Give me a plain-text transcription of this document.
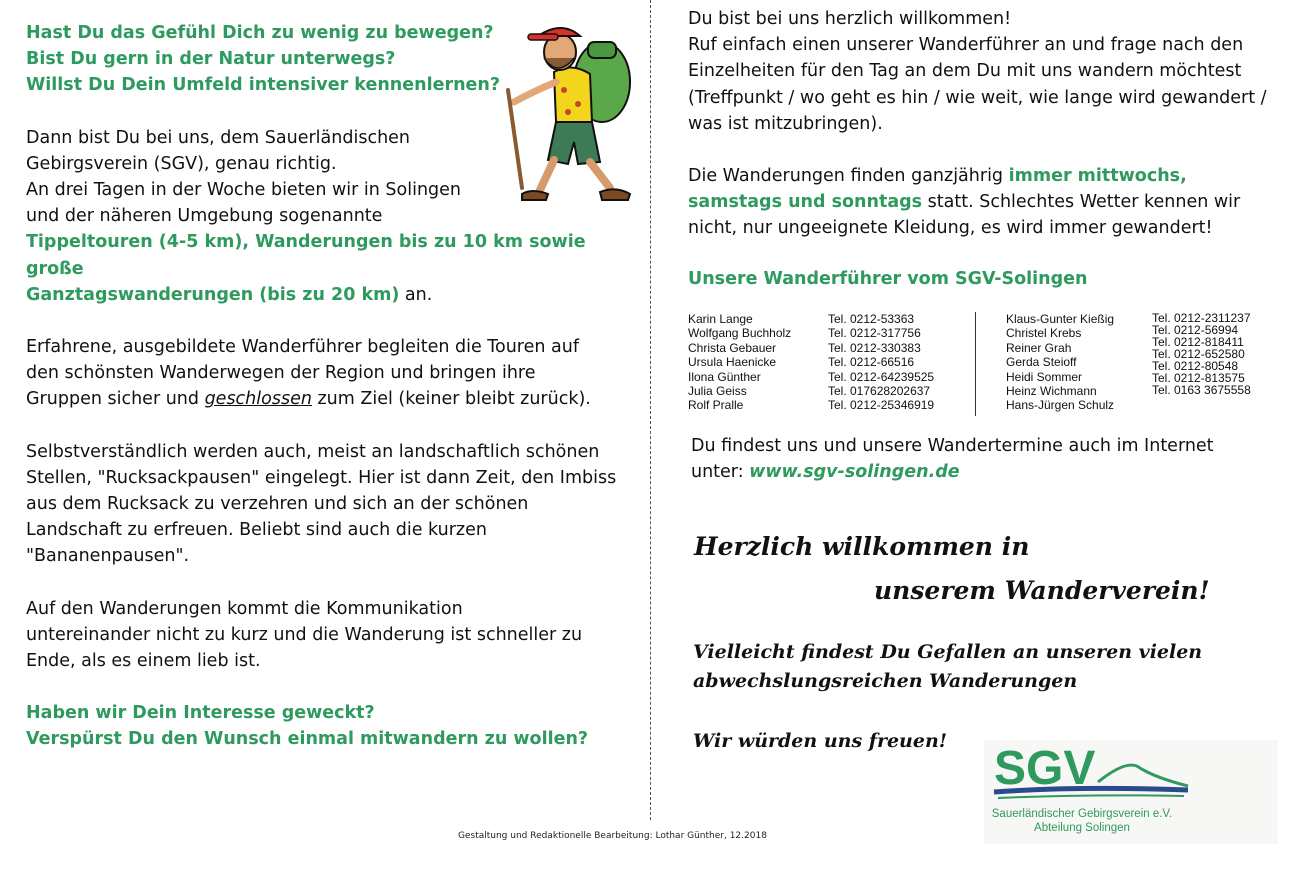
Hast Du das Gefühl Dich zu wenig zu bewegen?
Bist Du gern in der Natur unterwegs?
Willst Du Dein Umfeld intensiver kennenlernen?

Dann bist Du bei uns, dem Sauerländischen
Gebirgsverein (SGV), genau richtig.
An drei Tagen in der Woche bieten wir in Solingen
und der näheren Umgebung sogenannte
Tippeltouren (4-5 km), Wanderungen bis zu 10 km sowie große
Ganztagswanderungen (bis zu 20 km) an.

Erfahrene, ausgebildete Wanderführer begleiten die Touren auf den schönsten Wanderwegen der Region und bringen ihre Gruppen sicher und geschlossen zum Ziel (keiner bleibt zurück).

Selbstverständlich werden auch, meist an landschaftlich schönen Stellen, "Rucksackpausen" eingelegt. Hier ist dann Zeit, den Imbiss aus dem Rucksack zu verzehren und sich an der schönen Landschaft zu erfreuen. Beliebt sind auch die kurzen "Bananenpausen".

Auf den Wanderungen kommt die Kommunikation untereinander nicht zu kurz und die Wanderung ist schneller zu Ende, als es einem lieb ist.

Haben wir Dein Interesse geweckt?
Verspürst Du den Wunsch einmal mitwandern zu wollen?

Du bist bei uns herzlich willkommen!
Ruf einfach einen unserer Wanderführer an und frage nach den Einzelheiten für den Tag an dem Du mit uns wandern möchtest (Treffpunkt / wo geht es hin / wie weit, wie lange wird gewandert / was ist mitzubringen).

Die Wanderungen finden ganzjährig immer mittwochs, samstags und sonntags statt. Schlechtes Wetter kennen wir nicht, nur ungeeignete Kleidung, es wird immer gewandert!

Unsere Wanderführer vom SGV-Solingen

Karin Lange
Wolfgang Buchholz
Christa Gebauer
Ursula Haenicke
Ilona Günther
Julia Geiss
Rolf Pralle
Tel. 0212-53363
Tel. 0212-317756
Tel. 0212-330383
Tel. 0212-66516
Tel. 0212-64239525
Tel. 017628202637
Tel. 0212-25346919
Klaus-Gunter Kießig
Christel Krebs
Reiner Grah
Gerda Steioff
Heidi Sommer
Heinz Wichmann
Hans-Jürgen Schulz
Tel. 0212-2311237
Tel. 0212-56994
Tel. 0212-818411
Tel. 0212-652580
Tel. 0212-80548
Tel. 0212-813575
Tel. 0163 3675558
Du findest uns und unsere Wandertermine auch im Internet
unter: www.sgv-solingen.de
Herzlich willkommen in
unserem Wanderverein!
Vielleicht findest Du Gefallen an unseren vielen
abwechslungsreichen Wanderungen
Wir würden uns freuen!
SGV
Sauerländischer Gebirgsverein e.V.
Abteilung Solingen
Gestaltung und Redaktionelle Bearbeitung: Lothar Günther, 12.2018
